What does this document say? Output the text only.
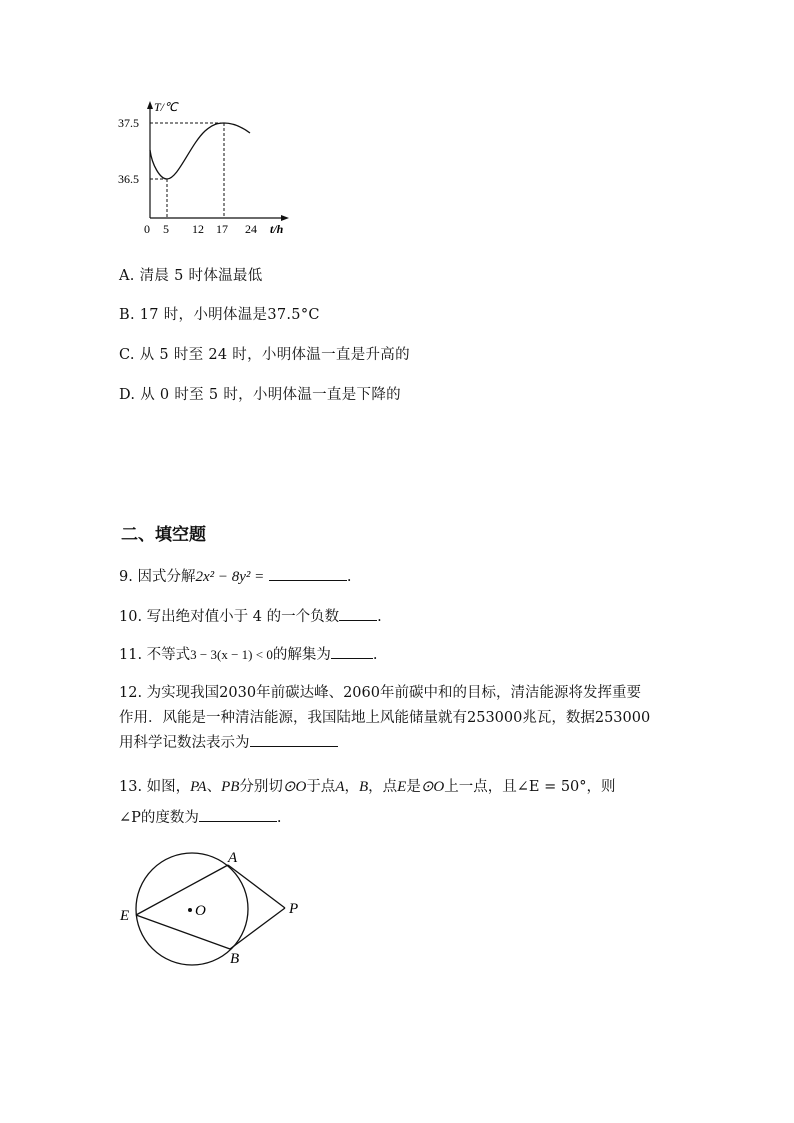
T/℃
37.5
36.5
0 5 12 17 24 t/h
A. 清晨 5 时体温最低
B. 17 时，小明体温是37.5°C
C. 从 5 时至 24 时，小明体温一直是升高的
D. 从 0 时至 5 时，小明体温一直是下降的
二、填空题
9. 因式分解2x² − 8y² =	.
10. 写出绝对值小于 4 的一个负数	.
11. 不等式3 − 3(x − 1) < 0的解集为	.
12. 为实现我国2030年前碳达峰、2060年前碳中和的目标，清洁能源将发挥重要
作用．风能是一种清洁能源，我国陆地上风能储量就有253000兆瓦，数据253000
用科学记数法表示为
13. 如图，PA、PB分别切⊙O于点A，B，点E是⊙O上一点，且∠E = 50°，则
∠P的度数为	.
O
A
B
E	P
